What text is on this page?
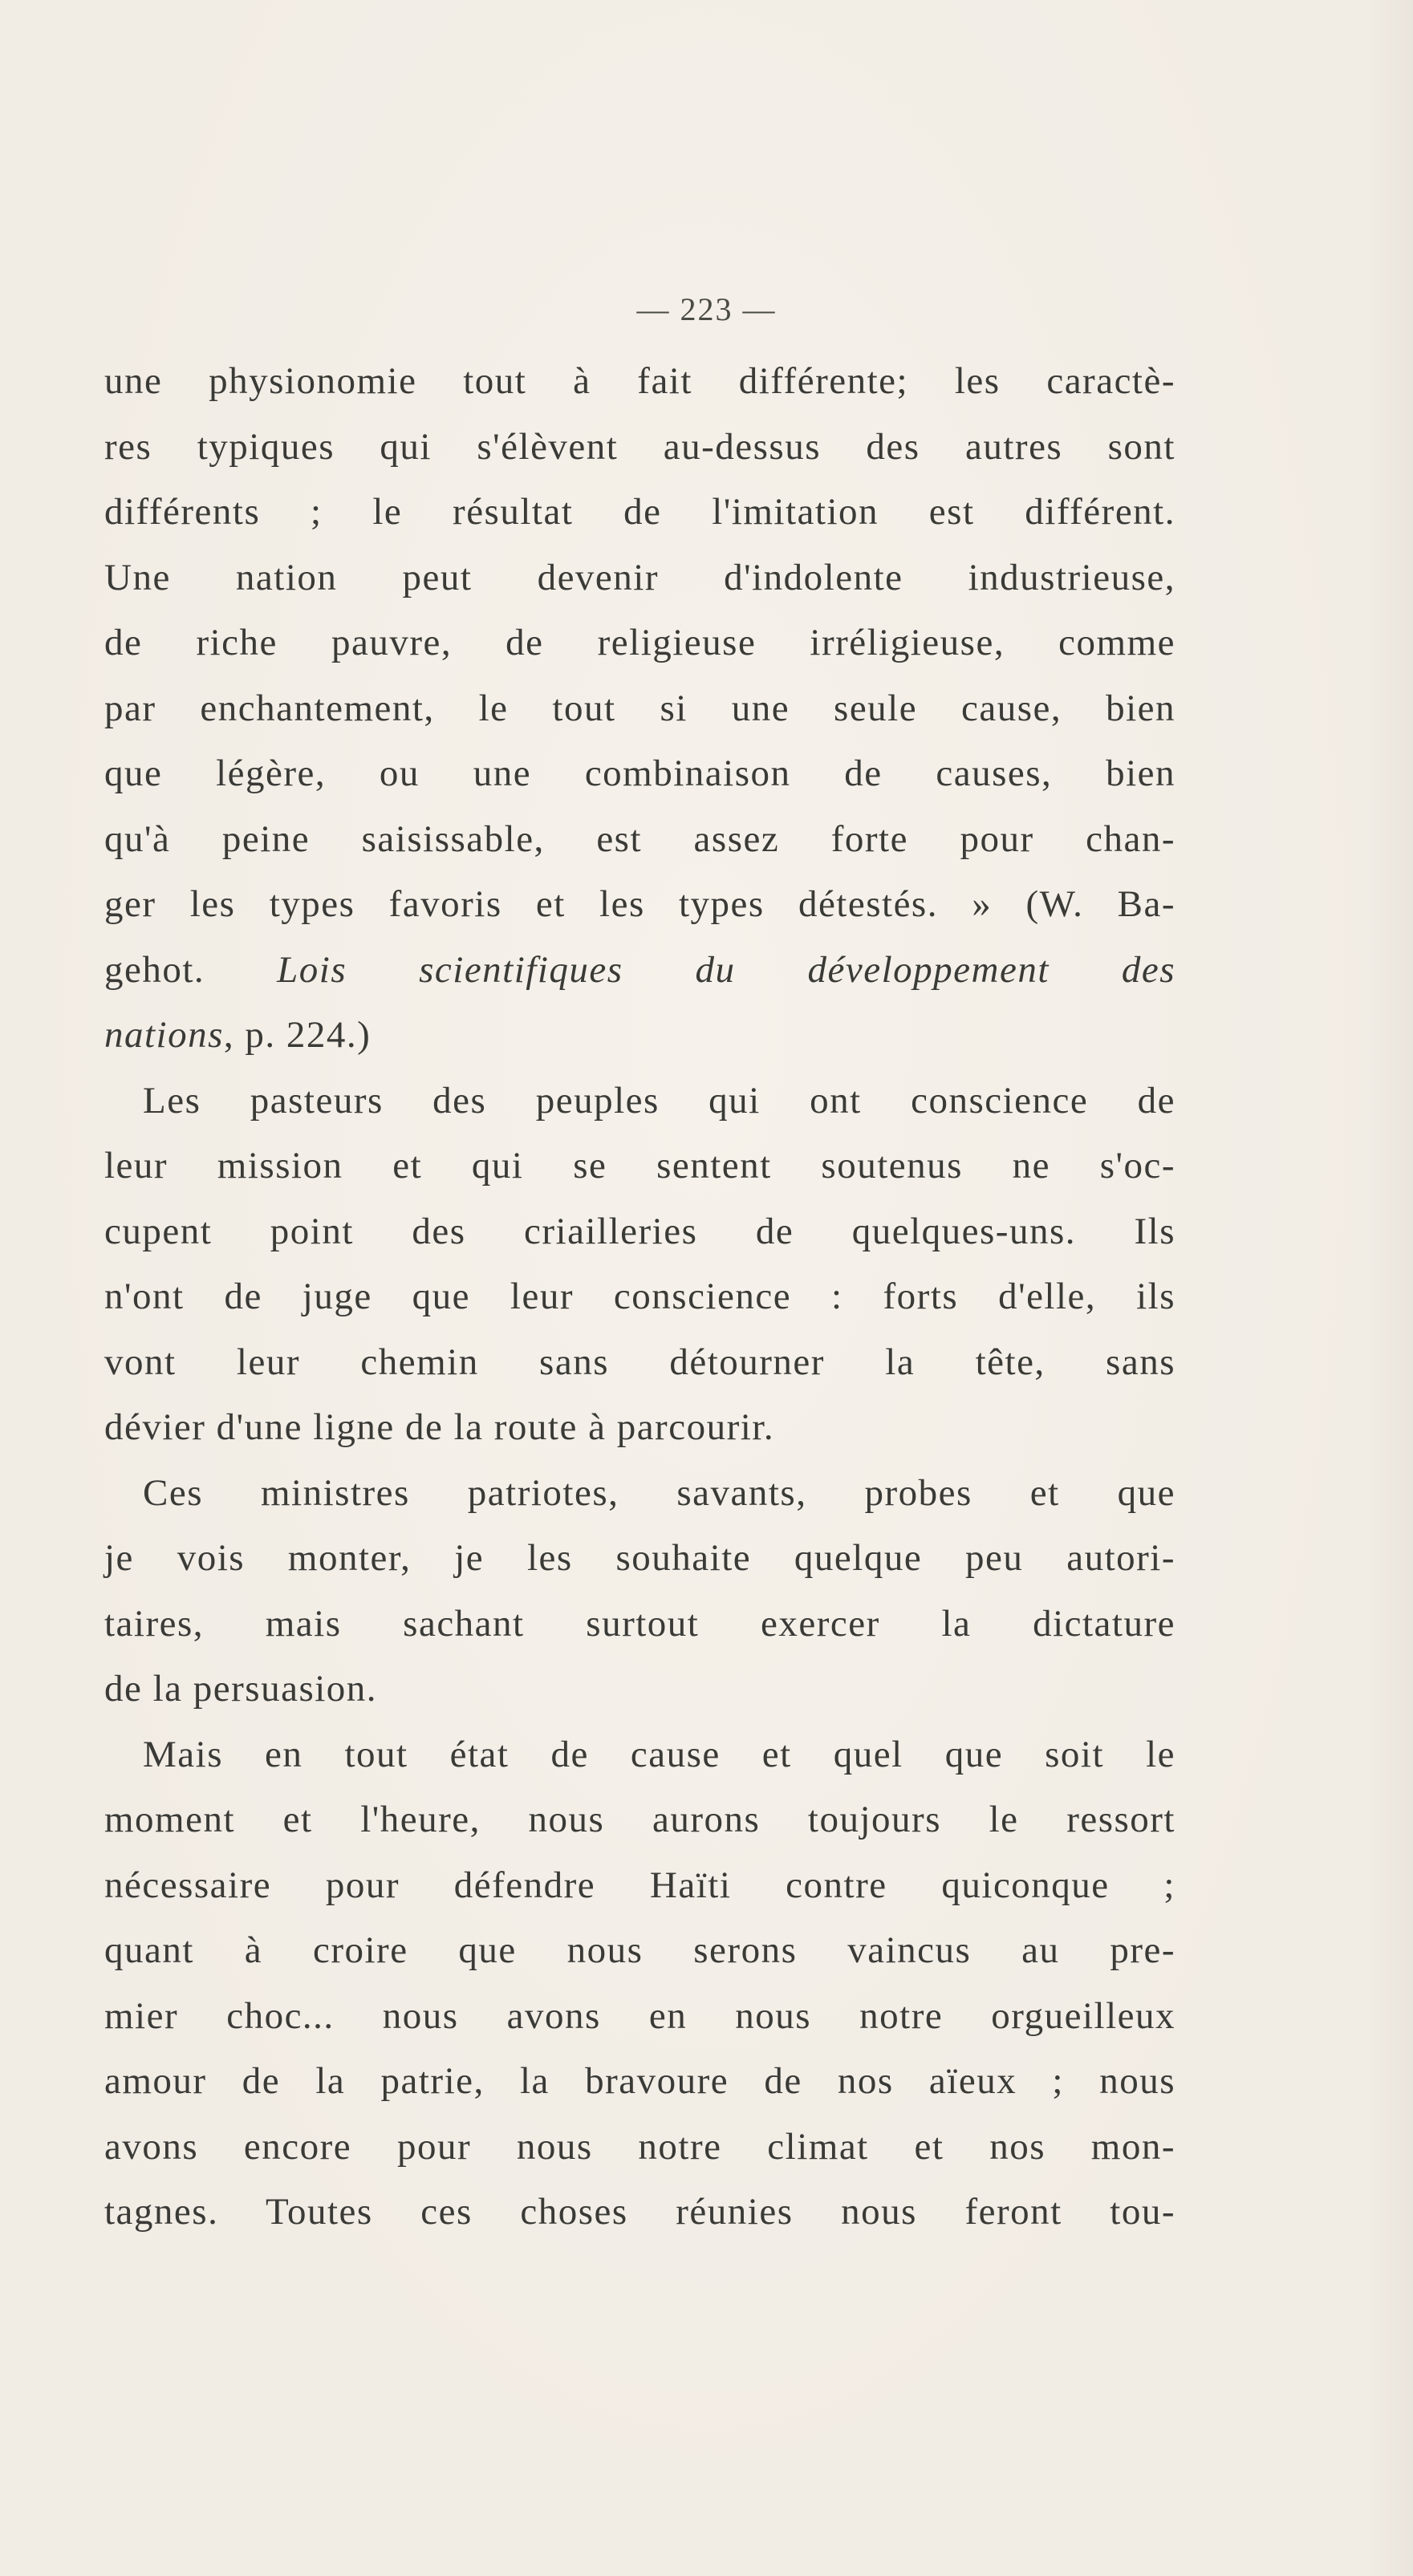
— 223 —
une physionomie tout à fait différente; les caractè-
res typiques qui s'élèvent au-dessus des autres sont
différents ; le résultat de l'imitation est différent.
Une nation peut devenir d'indolente industrieuse,
de riche pauvre, de religieuse irréligieuse, comme
par enchantement, le tout si une seule cause, bien
que légère, ou une combinaison de causes, bien
qu'à peine saisissable, est assez forte pour chan-
ger les types favoris et les types détestés. » (W. Ba-
gehot. Lois scientifiques du développement des
nations, p. 224.)
Les pasteurs des peuples qui ont conscience de
leur mission et qui se sentent soutenus ne s'oc-
cupent point des criailleries de quelques-uns. Ils
n'ont de juge que leur conscience : forts d'elle, ils
vont leur chemin sans détourner la tête, sans
dévier d'une ligne de la route à parcourir.
Ces ministres patriotes, savants, probes et que
je vois monter, je les souhaite quelque peu autori-
taires, mais sachant surtout exercer la dictature
de la persuasion.
Mais en tout état de cause et quel que soit le
moment et l'heure, nous aurons toujours le ressort
nécessaire pour défendre Haïti contre quiconque ;
quant à croire que nous serons vaincus au pre-
mier choc... nous avons en nous notre orgueilleux
amour de la patrie, la bravoure de nos aïeux ; nous
avons encore pour nous notre climat et nos mon-
tagnes. Toutes ces choses réunies nous feront tou-
